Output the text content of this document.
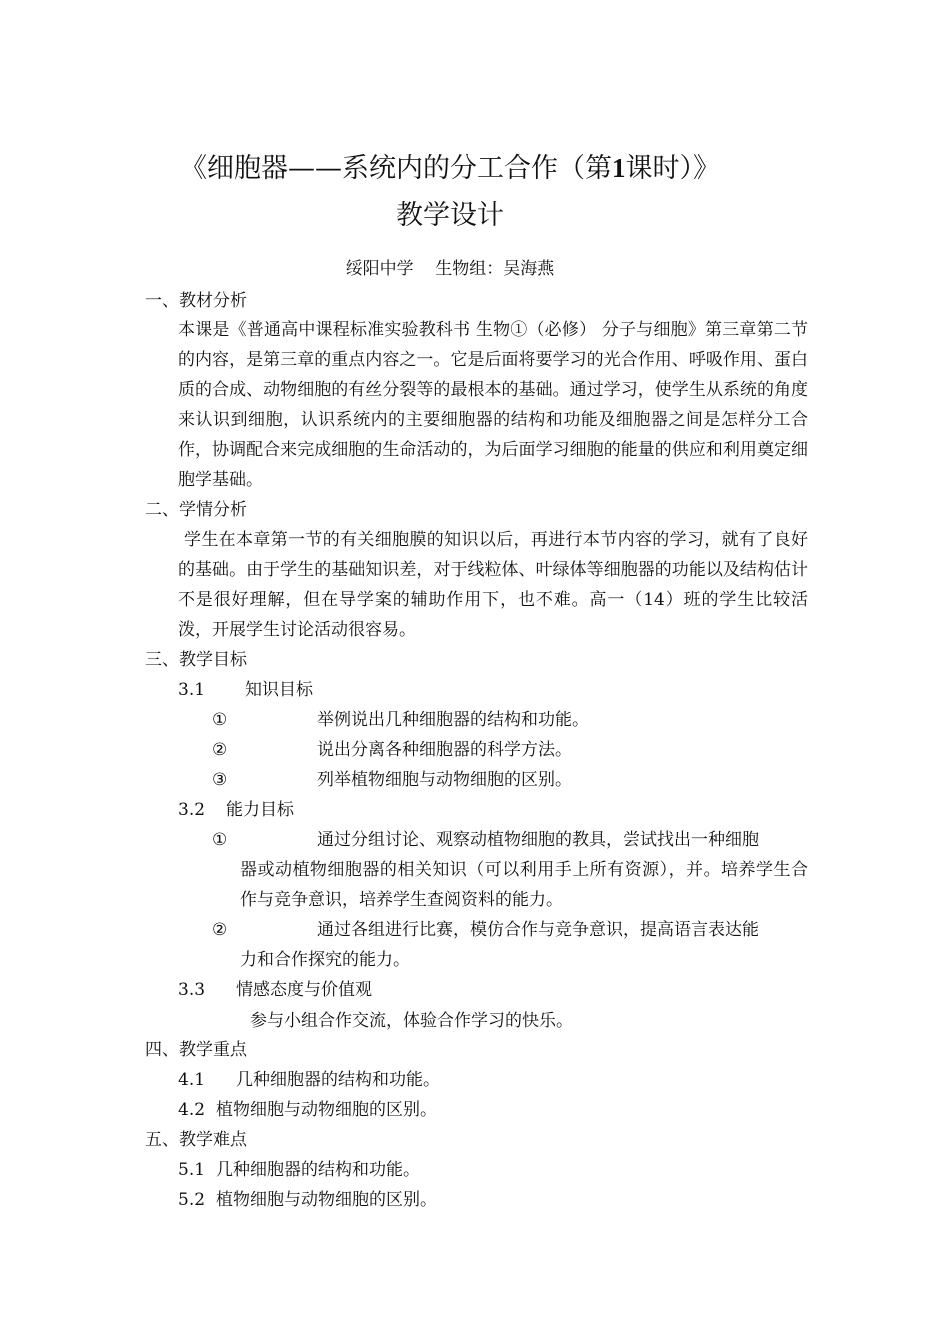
《细胞器——系统内的分工合作（第1课时）》
教学设计
绥阳中学    生物组：吴海燕
一、教材分析
本课是《普通高中课程标准实验教科书 生物①（必修） 分子与细胞》第三章第二节的内容，是第三章的重点内容之一。它是后面将要学习的光合作用、呼吸作用、蛋白质的合成、动物细胞的有丝分裂等的最根本的基础。通过学习，使学生从系统的角度来认识到细胞，认识系统内的主要细胞器的结构和功能及细胞器之间是怎样分工合作，协调配合来完成细胞的生命活动的，为后面学习细胞的能量的供应和利用奠定细胞学基础。
二、学情分析
学生在本章第一节的有关细胞膜的知识以后，再进行本节内容的学习，就有了良好的基础。由于学生的基础知识差，对于线粒体、叶绿体等细胞器的功能以及结构估计不是很好理解，但在导学案的辅助作用下，也不难。高一（14）班的学生比较活泼，开展学生讨论活动很容易。
三、教学目标
3.1 知识目标
①	举例说出几种细胞器的结构和功能。
②	说出分离各种细胞器的科学方法。
③	列举植物细胞与动物细胞的区别。
3.2 能力目标
①	通过分组讨论、观察动植物细胞的教具，尝试找出一种细胞
器或动植物细胞器的相关知识（可以利用手上所有资源），并。培养学生合作与竞争意识，培养学生查阅资料的能力。
②	通过各组进行比赛，模仿合作与竞争意识，提高语言表达能
力和合作探究的能力。
3.3 情感态度与价值观
参与小组合作交流，体验合作学习的快乐。
四、教学重点
4.1 几种细胞器的结构和功能。
4.2 植物细胞与动物细胞的区别。
五、教学难点
5.1 几种细胞器的结构和功能。
5.2 植物细胞与动物细胞的区别。
